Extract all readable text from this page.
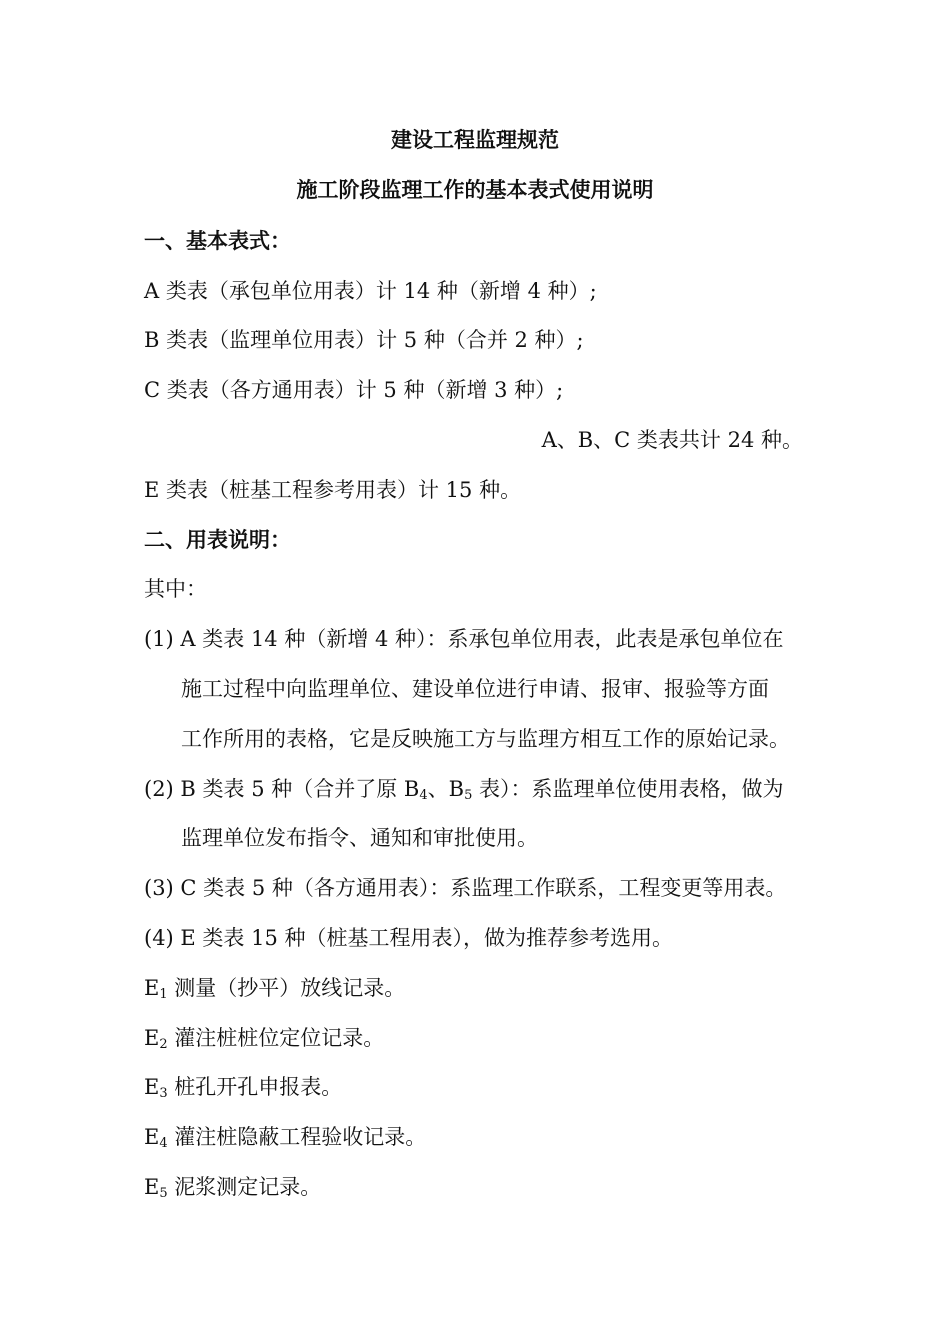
建设工程监理规范
施工阶段监理工作的基本表式使用说明
一、基本表式：
A 类表（承包单位用表）计 14 种（新增 4 种）;
B 类表（监理单位用表）计 5 种（合并 2 种）;
C 类表（各方通用表）计 5 种（新增 3 种）;
A、B、C 类表共计 24 种。
E 类表（桩基工程参考用表）计 15 种。
二、用表说明：
其中：
(1) A 类表 14 种（新增 4 种）：系承包单位用表，此表是承包单位在
施工过程中向监理单位、建设单位进行申请、报审、报验等方面
工作所用的表格，它是反映施工方与监理方相互工作的原始记录。
(2) B 类表 5 种（合并了原 $B_4$、$B_5$ 表）：系监理单位使用表格，做为
监理单位发布指令、通知和审批使用。
(3) C 类表 5 种（各方通用表）：系监理工作联系，工程变更等用表。
(4) E 类表 15 种（桩基工程用表），做为推荐参考选用。
$E_1$ 测量（抄平）放线记录。
$E_2$ 灌注桩桩位定位记录。
$E_3$ 桩孔开孔申报表。
$E_4$ 灌注桩隐蔽工程验收记录。
$E_5$ 泥浆测定记录。
